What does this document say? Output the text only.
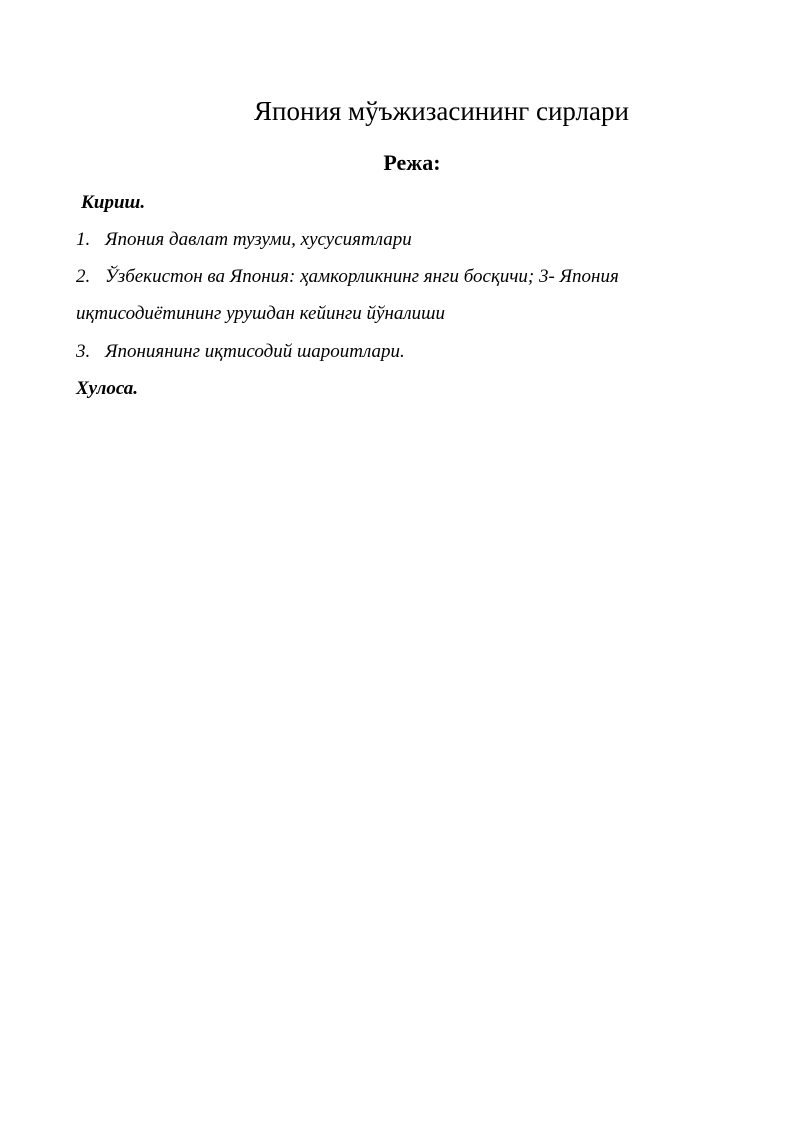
Япония мўъжизасининг сирлари
Режа:
Кириш.
1. Япония давлат тузуми, хусусиятлари
2. Ўзбекистон ва Япония: ҳамкорликнинг янги босқичи; 3- Япония
иқтисодиётининг урушдан кейинги йўналиши
3. Япониянинг иқтисодий шароитлари.
Хулоса.
